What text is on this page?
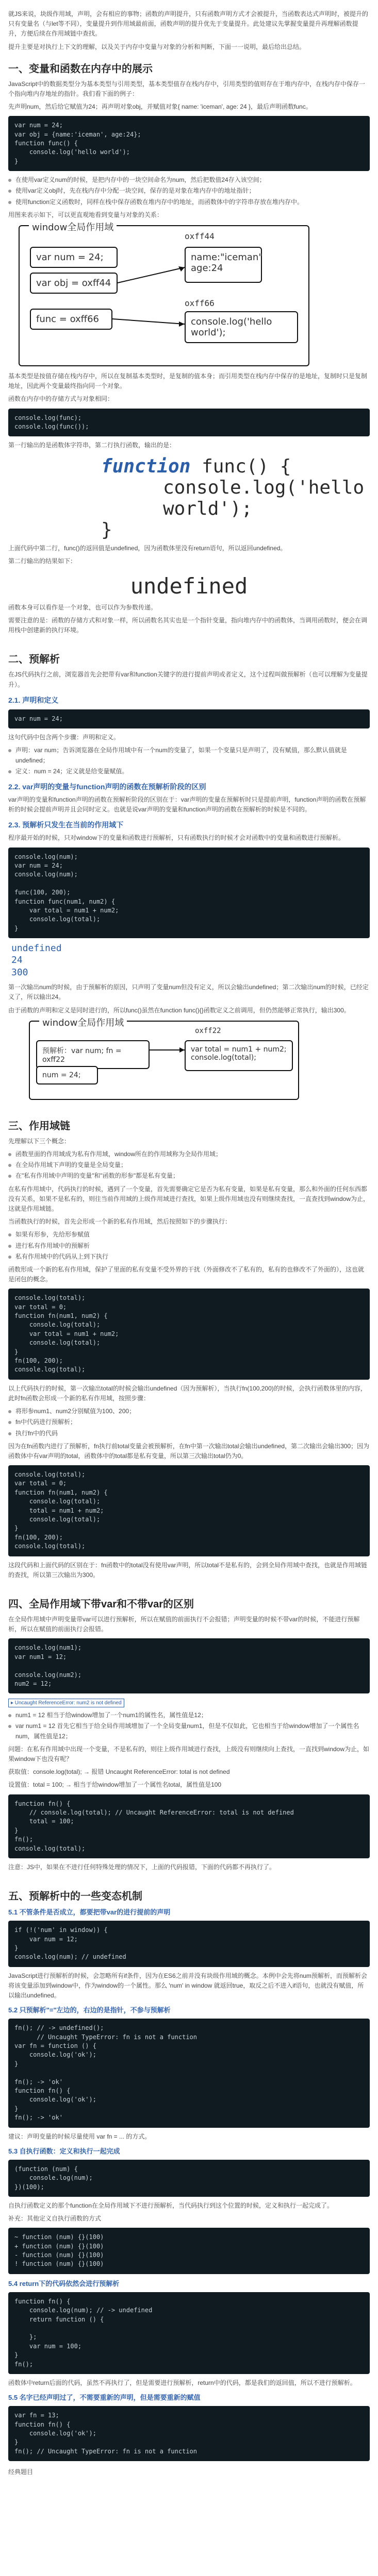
就JS来说，块级作用域，声明，会有相应的事物；函数的声明提升，只有函数声明方式才会被提升，当函数表达式声明时，被提升的只有变量名（与let等不同），变量提升到作用域最前面，函数声明的提升优先于变量提升。此处建议先掌握变量提升再理解函数提升，方便后续在作用域链中查找。

提升主要是对执行上下文的理解，以及关于内存中变量与对象的分析和判断，下面一一说明，最后给出总结。

一、变量和函数在内存中的展示

JavaScript中的数据类型分为基本类型与引用类型，基本类型值存在栈内存中，引用类型的值则存在于堆内存中，在栈内存中保存一个指向堆内存地址的指针。我们看下面的例子：

先声明num，然后给它赋值为24；再声明对象obj，并赋值对象{ name: 'iceman', age: 24 }，最后声明函数func。

var num = 24;
var obj = {name:'iceman', age:24};
function func() {
console.log('hello world');
}
在使用var定义num的时候，是把内存中的一块空间命名为num，然后把数值24存入该空间；
使用var定义obj时，先在栈内存中分配一块空间，保存的是对象在堆内存中的地址指针；
使用function定义函数时，同样在栈中保存函数在堆内存中的地址，而函数体中的字符串存放在堆内存中。

用图来表示如下，可以更直观地看到变量与对象的关系：

window全局作用域
var num = 24;
var obj = oxff44
func = oxff66
oxff44
name:"iceman"
age:24
oxff66
console.log('hello world');

基本类型是按值存储在栈内存中，所以在复制基本类型时，是复制的值本身；而引用类型在栈内存中保存的是地址，复制时只是复制地址，因此两个变量最终指向同一个对象。

函数在内存中的存储方式与对象相同：

console.log(func);
console.log(func());

第一行输出的是函数体字符串，第二行执行函数，输出的是：

function func() {
console.log('hello world');
}

上面代码中第二行，func()的返回值是undefined，因为函数体里没有return语句，所以返回undefined。

第二行输出的结果如下：

undefined

函数本身可以看作是一个对象，也可以作为参数传递。

需要注意的是：函数的存储方式和对象一样，所以函数名其实也是一个指针变量，指向堆内存中的函数体，当调用函数时，便会在调用栈中创建新的执行环境。

二、预解析

在JS代码执行之前，浏览器首先会把带有var和function关键字的进行提前声明或者定义，这个过程叫做预解析（也可以理解为变量提升）。

2.1. 声明和定义
var num = 24;

这句代码中包含两个步骤：声明和定义。

声明：var num；告诉浏览器在全局作用域中有一个num的变量了，如果一个变量只是声明了，没有赋值，那么默认值就是undefined；
定义：num = 24；定义就是给变量赋值。
2.2. var声明的变量与function声明的函数在预解析阶段的区别

var声明的变量和function声明的函数在预解析阶段的区别在于：var声明的变量在预解析时只是提前声明，function声明的函数在预解析的时候会提前声明并且会同时定义。也就是说var声明的变量和function声明的函数在预解析的时候是不同的。

2.3. 预解析只发生在当前的作用域下

程序最开始的时候，只对window下的变量和函数进行预解析，只有函数执行的时候才会对函数中的变量和函数进行预解析。

console.log(num);
var num = 24;
console.log(num);

func(100, 200);
function func(num1, num2) {
var total = num1 + num2;
console.log(total);
}
undefined
24
300

第一次输出num的时候，由于预解析的原因，只声明了变量num但没有定义，所以会输出undefined；第二次输出num的时候，已经定义了，所以输出24。

由于函数的声明和定义是同时进行的，所以func()虽然在function func(){}函数定义之前调用，但仍然能够正常执行，输出300。

window全局作用域
预解析：var num; fn = oxff22
num = 24;
oxff22
var total = num1 + num2;
console.log(total);
三、作用域链

先理解以下三个概念：

函数里面的作用域成为私有作用域，window所在的作用域称为全局作用域；
在全局作用域下声明的变量是全局变量；
在"私有作用域中声明的变量"和"函数的形参"都是私有变量；

在私有作用域中，代码执行的时候，遇到了一个变量，首先需要确定它是否为私有变量，如果是私有变量，那么和外面的任何东西都没有关系，如果不是私有的，则往当前作用域的上级作用域进行查找，如果上级作用域也没有则继续查找，一直查找到window为止，这就是作用域链。

当函数执行的时候，首先会形成一个新的私有作用域，然后按照如下的步骤执行：

如果有形参，先给形参赋值
进行私有作用域中的预解析
私有作用域中的代码从上到下执行

函数形成一个新的私有作用域，保护了里面的私有变量不受外界的干扰（外面修改不了私有的，私有的也修改不了外面的），这也就是闭包的概念。

console.log(total);
var total = 0;
function fn(num1, num2) {
console.log(total);
var total = num1 + num2;
console.log(total);
}
fn(100, 200);
console.log(total);

以上代码执行的时候，第一次输出total的时候会输出undefined（因为预解析），当执行fn(100,200)的时候，会执行函数体里的内容，此时fn函数会形成一个新的私有作用域，按照步骤：

将形参num1、num2分别赋值为100、200；
fn中代码进行预解析；
执行fn中的代码

因为在fn函数内进行了预解析，fn执行前total变量会被预解析，在fn中第一次输出total会输出undefined，第二次输出会输出300；因为函数体中有var声明的total，函数体中的total都是私有变量，所以第三次输出total仍为0。

console.log(total);
var total = 0;
function fn(num1, num2) {
console.log(total);
total = num1 + num2;
console.log(total);
}
fn(100, 200);
console.log(total);

这段代码和上面代码的区别在于：fn函数中的total没有使用var声明，所以total不是私有的，会到全局作用域中查找，也就是作用域链的查找，所以第三次输出为300。

四、全局作用域下带var和不带var的区别

在全局作用域中声明变量带var可以进行预解析，所以在赋值的前面执行不会报错；声明变量的时候不带var的时候，不能进行预解析，所以在赋值的前面执行会报错。

console.log(num1);
var num1 = 12;

console.log(num2);
num2 = 12;
▸ Uncaught ReferenceError: num2 is not defined
num1 = 12 相当于给window增加了一个num1的属性名，属性值是12；
var num1 = 12 首先它相当于给全局作用域增加了一个全局变量num1，但是不仅如此，它也相当于给window增加了一个属性名num，属性值是12；

问题：在私有作用域中出现一个变量，不是私有的，则往上级作用域进行查找，上级没有则继续向上查找，一直找到window为止，如果window下也没有呢？

获取值：console.log(total); → 报错 Uncaught ReferenceError: total is not defined

设置值：total = 100; → 相当于给window增加了一个属性名total，属性值是100

function fn() {
// console.log(total); // Uncaught ReferenceError: total is not defined
total = 100;
}
fn();
console.log(total);

注意：JS中，如果在不进行任何特殊处理的情况下，上面的代码报错，下面的代码都不再执行了。

五、预解析中的一些变态机制
5.1 不管条件是否成立，都要把带var的进行提前的声明
if (!('num' in window)) {
var num = 12;
}
console.log(num); // undefined

JavaScript进行预解析的时候，会忽略所有if条件，因为在ES6之前并没有块级作用域的概念。本例中会先将num预解析，而预解析会将该变量添加到window中，作为window的一个属性。那么 'num' in window 就返回true，取反之后不进入if语句，也就没有赋值，所以输出undefined。

5.2 只预解析"="左边的，右边的是指针，不参与预解析
fn(); // -> undefined();
// Uncaught TypeError: fn is not a function
var fn = function () {
console.log('ok');
}

fn(); -> 'ok'
function fn() {
console.log('ok');
}
fn(); -> 'ok'

建议：声明变量的时候尽量使用 var fn = ... 的方式。

5.3 自执行函数：定义和执行一起完成
(function (num) {
console.log(num);
})(100);

自执行函数定义的那个function在全局作用域下不进行预解析，当代码执行到这个位置的时候，定义和执行一起完成了。

补充：其他定义自执行函数的方式

~ function (num) {}(100)
+ function (num) {}(100)
- function (num) {}(100)
! function (num) {}(100)
5.4 return下的代码依然会进行预解析
function fn() {
console.log(num); // -> undefined
return function () {

};
var num = 100;
}
fn();

函数体中return后面的代码，虽然不再执行了，但是需要进行预解析，return中的代码，都是我们的返回值，所以不进行预解析。

5.5 名字已经声明过了，不需要重新的声明，但是需要重新的赋值
var fn = 13;
function fn() {
console.log('ok');
}
fn(); // Uncaught TypeError: fn is not a function
经典题目
